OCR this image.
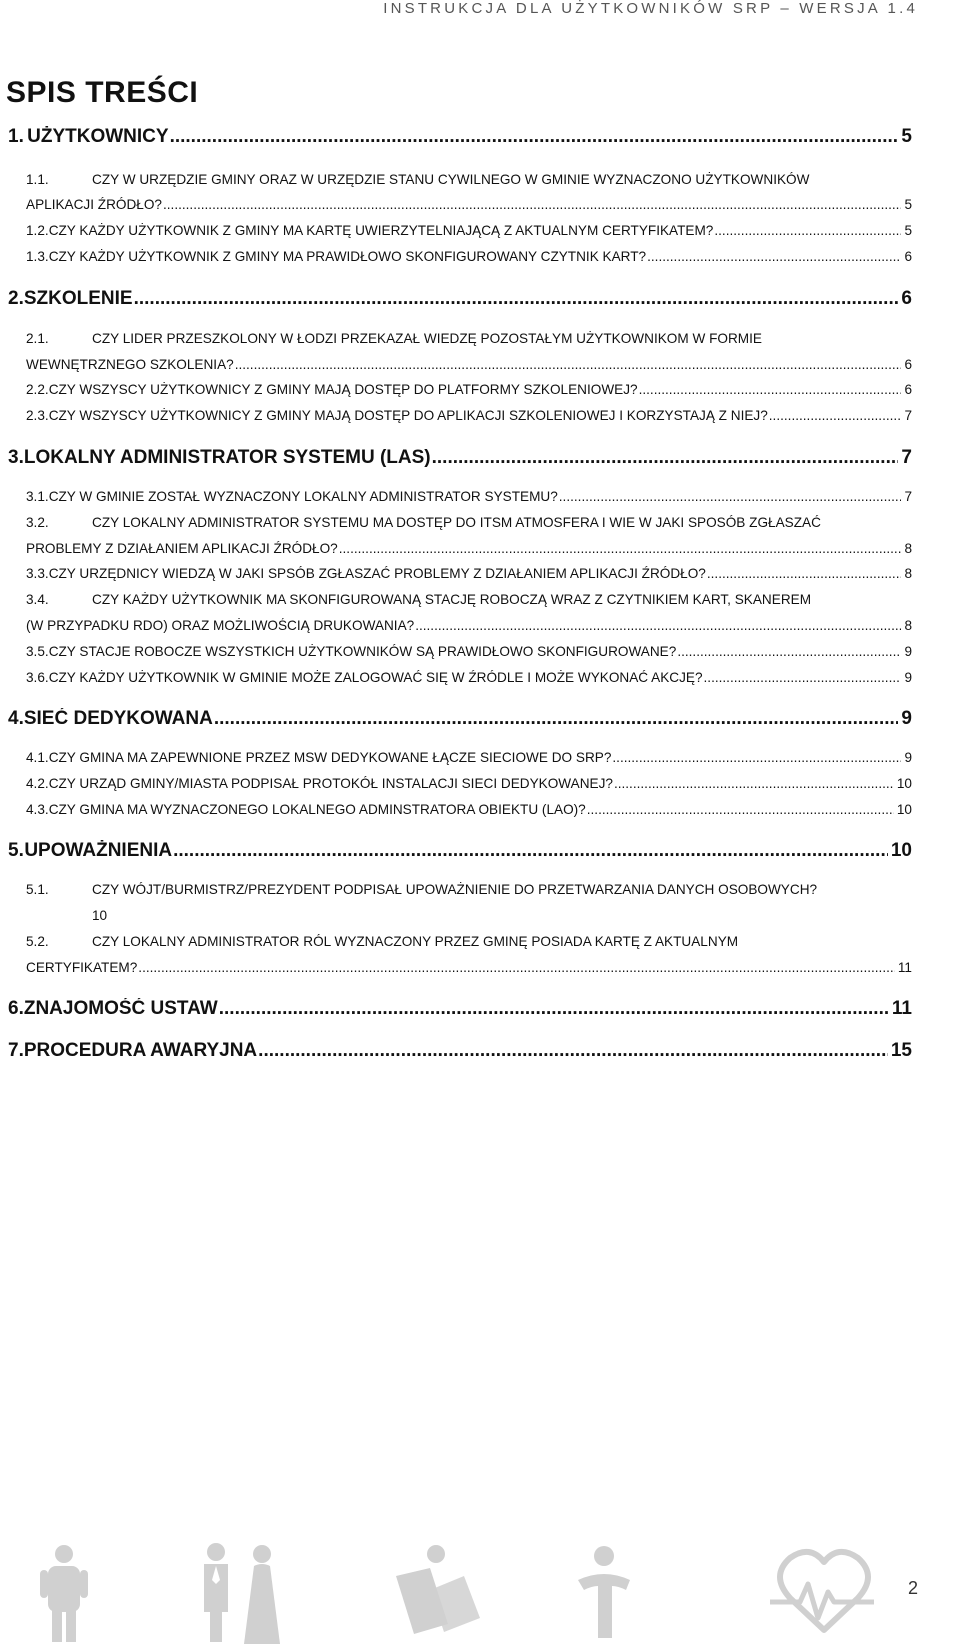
INSTRUKCJA DLA UŻYTKOWNIKÓW SRP – WERSJA 1.4
SPIS TREŚCI
1. UŻYTKOWNICY .....	5
1.1.	CZY W URZĘDZIE GMINY ORAZ W URZĘDZIE STANU CYWILNEGO W GMINIE WYZNACZONO UŻYTKOWNIKÓW
APLIKACJI ŹRÓDŁO? .....	5
1.2. CZY KAŻDY UŻYTKOWNIK Z GMINY MA KARTĘ UWIERZYTELNIAJĄCĄ Z AKTUALNYM CERTYFIKATEM? .....	5
1.3. CZY KAŻDY UŻYTKOWNIK Z GMINY MA PRAWIDŁOWO SKONFIGUROWANY CZYTNIK KART? .....	6
2. SZKOLENIE .....	6
2.1.	CZY LIDER PRZESZKOLONY W ŁODZI PRZEKAZAŁ WIEDZĘ POZOSTAŁYM UŻYTKOWNIKOM W FORMIE
WEWNĘTRZNEGO SZKOLENIA? .....	6
2.2. CZY WSZYSCY UŻYTKOWNICY Z GMINY MAJĄ DOSTĘP DO PLATFORMY SZKOLENIOWEJ? .....	6
2.3. CZY WSZYSCY UŻYTKOWNICY Z GMINY MAJĄ DOSTĘP DO APLIKACJI SZKOLENIOWEJ I KORZYSTAJĄ Z NIEJ? .....	7
3. LOKALNY ADMINISTRATOR SYSTEMU (LAS) .....	7
3.1. CZY W GMINIE ZOSTAŁ WYZNACZONY LOKALNY ADMINISTRATOR SYSTEMU? .....	7
3.2.	CZY LOKALNY ADMINISTRATOR SYSTEMU MA DOSTĘP DO ITSM ATMOSFERA I WIE W JAKI SPOSÓB ZGŁASZAĆ
PROBLEMY Z DZIAŁANIEM APLIKACJI ŹRÓDŁO? .....	8
3.3. CZY URZĘDNICY WIEDZĄ W JAKI SPSÓB ZGŁASZAĆ PROBLEMY Z DZIAŁANIEM APLIKACJI ŹRÓDŁO? .....	8
3.4.	CZY KAŻDY UŻYTKOWNIK MA SKONFIGUROWANĄ STACJĘ ROBOCZĄ WRAZ Z CZYTNIKIEM KART, SKANEREM
(W PRZYPADKU RDO) ORAZ MOŻLIWOŚCIĄ DRUKOWANIA? .....	8
3.5. CZY STACJE ROBOCZE WSZYSTKICH UŻYTKOWNIKÓW SĄ PRAWIDŁOWO SKONFIGUROWANE? .....	9
3.6. CZY KAŻDY UŻYTKOWNIK W GMINIE MOŻE ZALOGOWAĆ SIĘ W ŹRÓDLE I MOŻE WYKONAĆ AKCJĘ? .....	9
4. SIEĆ DEDYKOWANA .....	9
4.1. CZY GMINA MA ZAPEWNIONE PRZEZ MSW DEDYKOWANE ŁĄCZE SIECIOWE DO SRP? .....	9
4.2. CZY URZĄD GMINY/MIASTA PODPISAŁ PROTOKÓŁ INSTALACJI SIECI DEDYKOWANEJ? .....	10
4.3. CZY GMINA MA WYZNACZONEGO LOKALNEGO ADMINSTRATORA OBIEKTU (LAO)? .....	10
5. UPOWAŻNIENIA .....	10
5.1.	CZY WÓJT/BURMISTRZ/PREZYDENT PODPISAŁ UPOWAŻNIENIE DO PRZETWARZANIA DANYCH OSOBOWYCH?
10
5.2.	CZY LOKALNY ADMINISTRATOR RÓL WYZNACZONY PRZEZ GMINĘ POSIADA KARTĘ Z AKTUALNYM
CERTYFIKATEM? .....	11
6. ZNAJOMOŚĆ USTAW .....	11
7. PROCEDURA AWARYJNA .....	15
2
